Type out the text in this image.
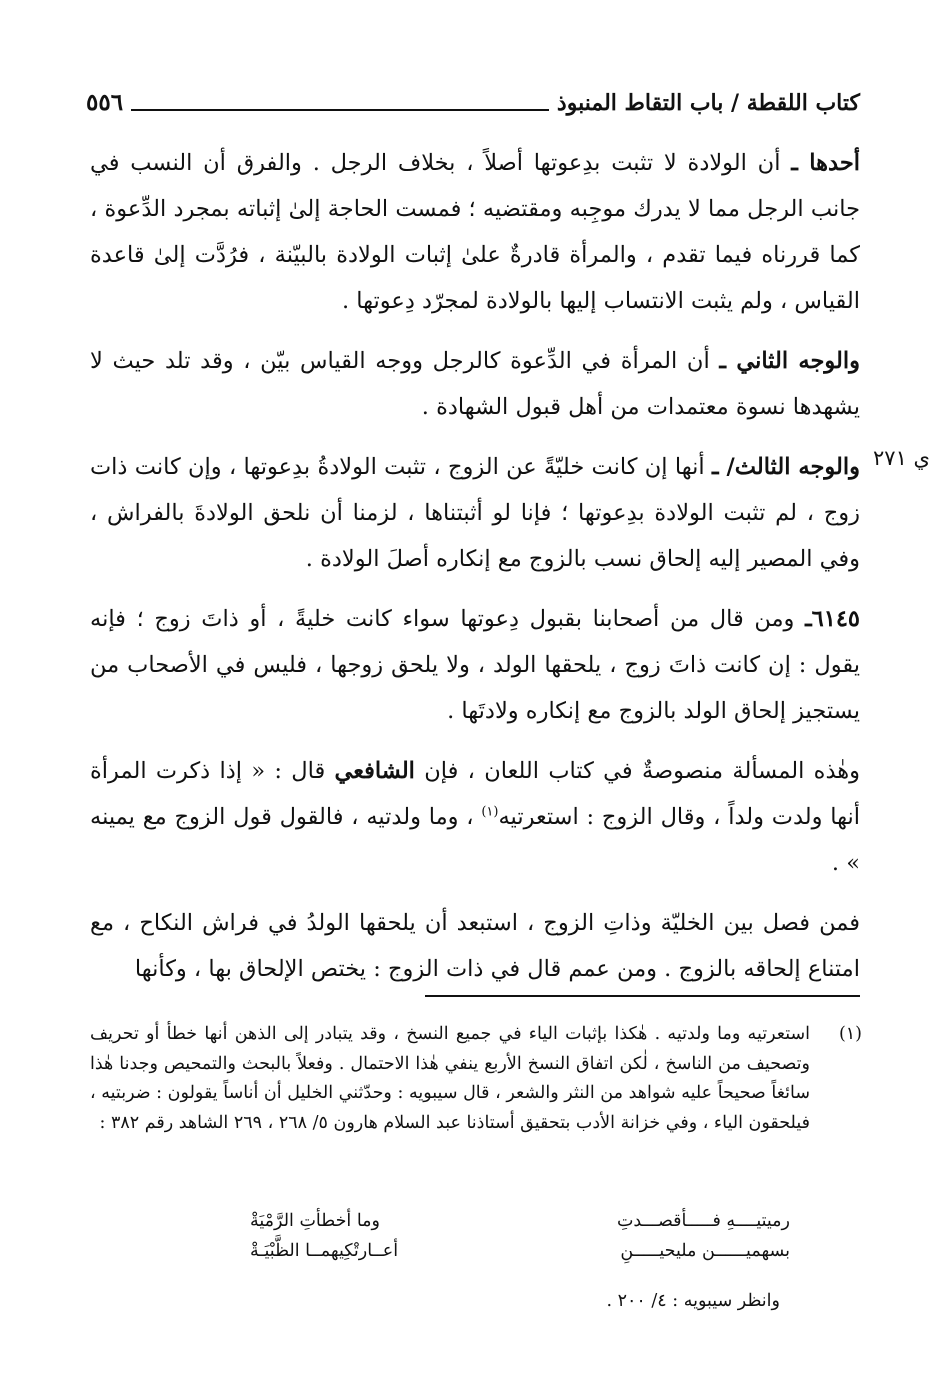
كتاب اللقطة / باب التقاط المنبوذ
٥٥٦
ي ٢٧١

أحدها ـ أن الولادة لا تثبت بدِعوتها أصلاً ، بخلاف الرجل . والفرق أن النسب في جانب الرجل مما لا يدرك موجِبه ومقتضيه ؛ فمست الحاجة إلىٰ إثباته بمجرد الدِّعوة ، كما قررناه فيما تقدم ، والمرأة قادرةٌ علىٰ إثبات الولادة بالبيّنة ، فرُدَّت إلىٰ قاعدة القياس ، ولم يثبت الانتساب إليها بالولادة لمجرّد دِعوتها .

والوجه الثاني ـ أن المرأة في الدِّعوة كالرجل ووجه القياس بيّن ، وقد تلد حيث لا يشهدها نسوة معتمدات من أهل قبول الشهادة .

والوجه الثالث/ ـ أنها إن كانت خليّةً عن الزوج ، تثبت الولادةُ بدِعوتها ، وإن كانت ذات زوج ، لم تثبت الولادة بدِعوتها ؛ فإنا لو أثبتناها ، لزمنا أن نلحق الولادةَ بالفراش ، وفي المصير إليه إلحاق نسب بالزوج مع إنكاره أصلَ الولادة .

٦١٤٥ـ ومن قال من أصحابنا بقبول دِعوتها سواء كانت خليةً ، أو ذاتَ زوج ؛ فإنه يقول : إن كانت ذاتَ زوج ، يلحقها الولد ، ولا يلحق زوجها ، فليس في الأصحاب من يستجيز إلحاق الولد بالزوج مع إنكاره ولادتَها .

وهٰذه المسألة منصوصةٌ في كتاب اللعان ، فإن الشافعي قال : « إذا ذكرت المرأة أنها ولدت ولداً ، وقال الزوج : استعرتيه$^{(١)}$ ، وما ولدتيه ، فالقول قول الزوج مع يمينه » .

فمن فصل بين الخليّة وذاتِ الزوج ، استبعد أن يلحقها الولدُ في فراش النكاح ، مع امتناع إلحاقه بالزوج . ومن عمم قال في ذات الزوج : يختص الإلحاق بها ، وكأنها

(١)
استعرتيه وما ولدتيه . هٰكذا بإثبات الياء في جميع النسخ ، وقد يتبادر إلى الذهن أنها خطأ أو تحريف وتصحيف من الناسخ ، لٰكن اتفاق النسخ الأربع ينفي هٰذا الاحتمال . وفعلاً بالبحث والتمحيص وجدنا هٰذا سائغاً صحيحاً عليه شواهد من النثر والشعر ، قال سيبويه : وحدّثني الخليل أن أناساً يقولون : ضربتيه ، فيلحقون الياء ، وفي خزانة الأدب بتحقيق أستاذنا عبد السلام هارون ٥/ ٢٦٨ ، ٢٦٩ الشاهد رقم ٣٨٢ :
رميتيــــهِ فـــــأقصـــدتِ
وما أخطأتِ الرَّمْيَةْ
بسهميــــــن مليحيـــــنِ
أعــارتْكِيهمــا الظَّبْيَـةْ
وانظر سيبويه : ٤/ ٢٠٠ .
